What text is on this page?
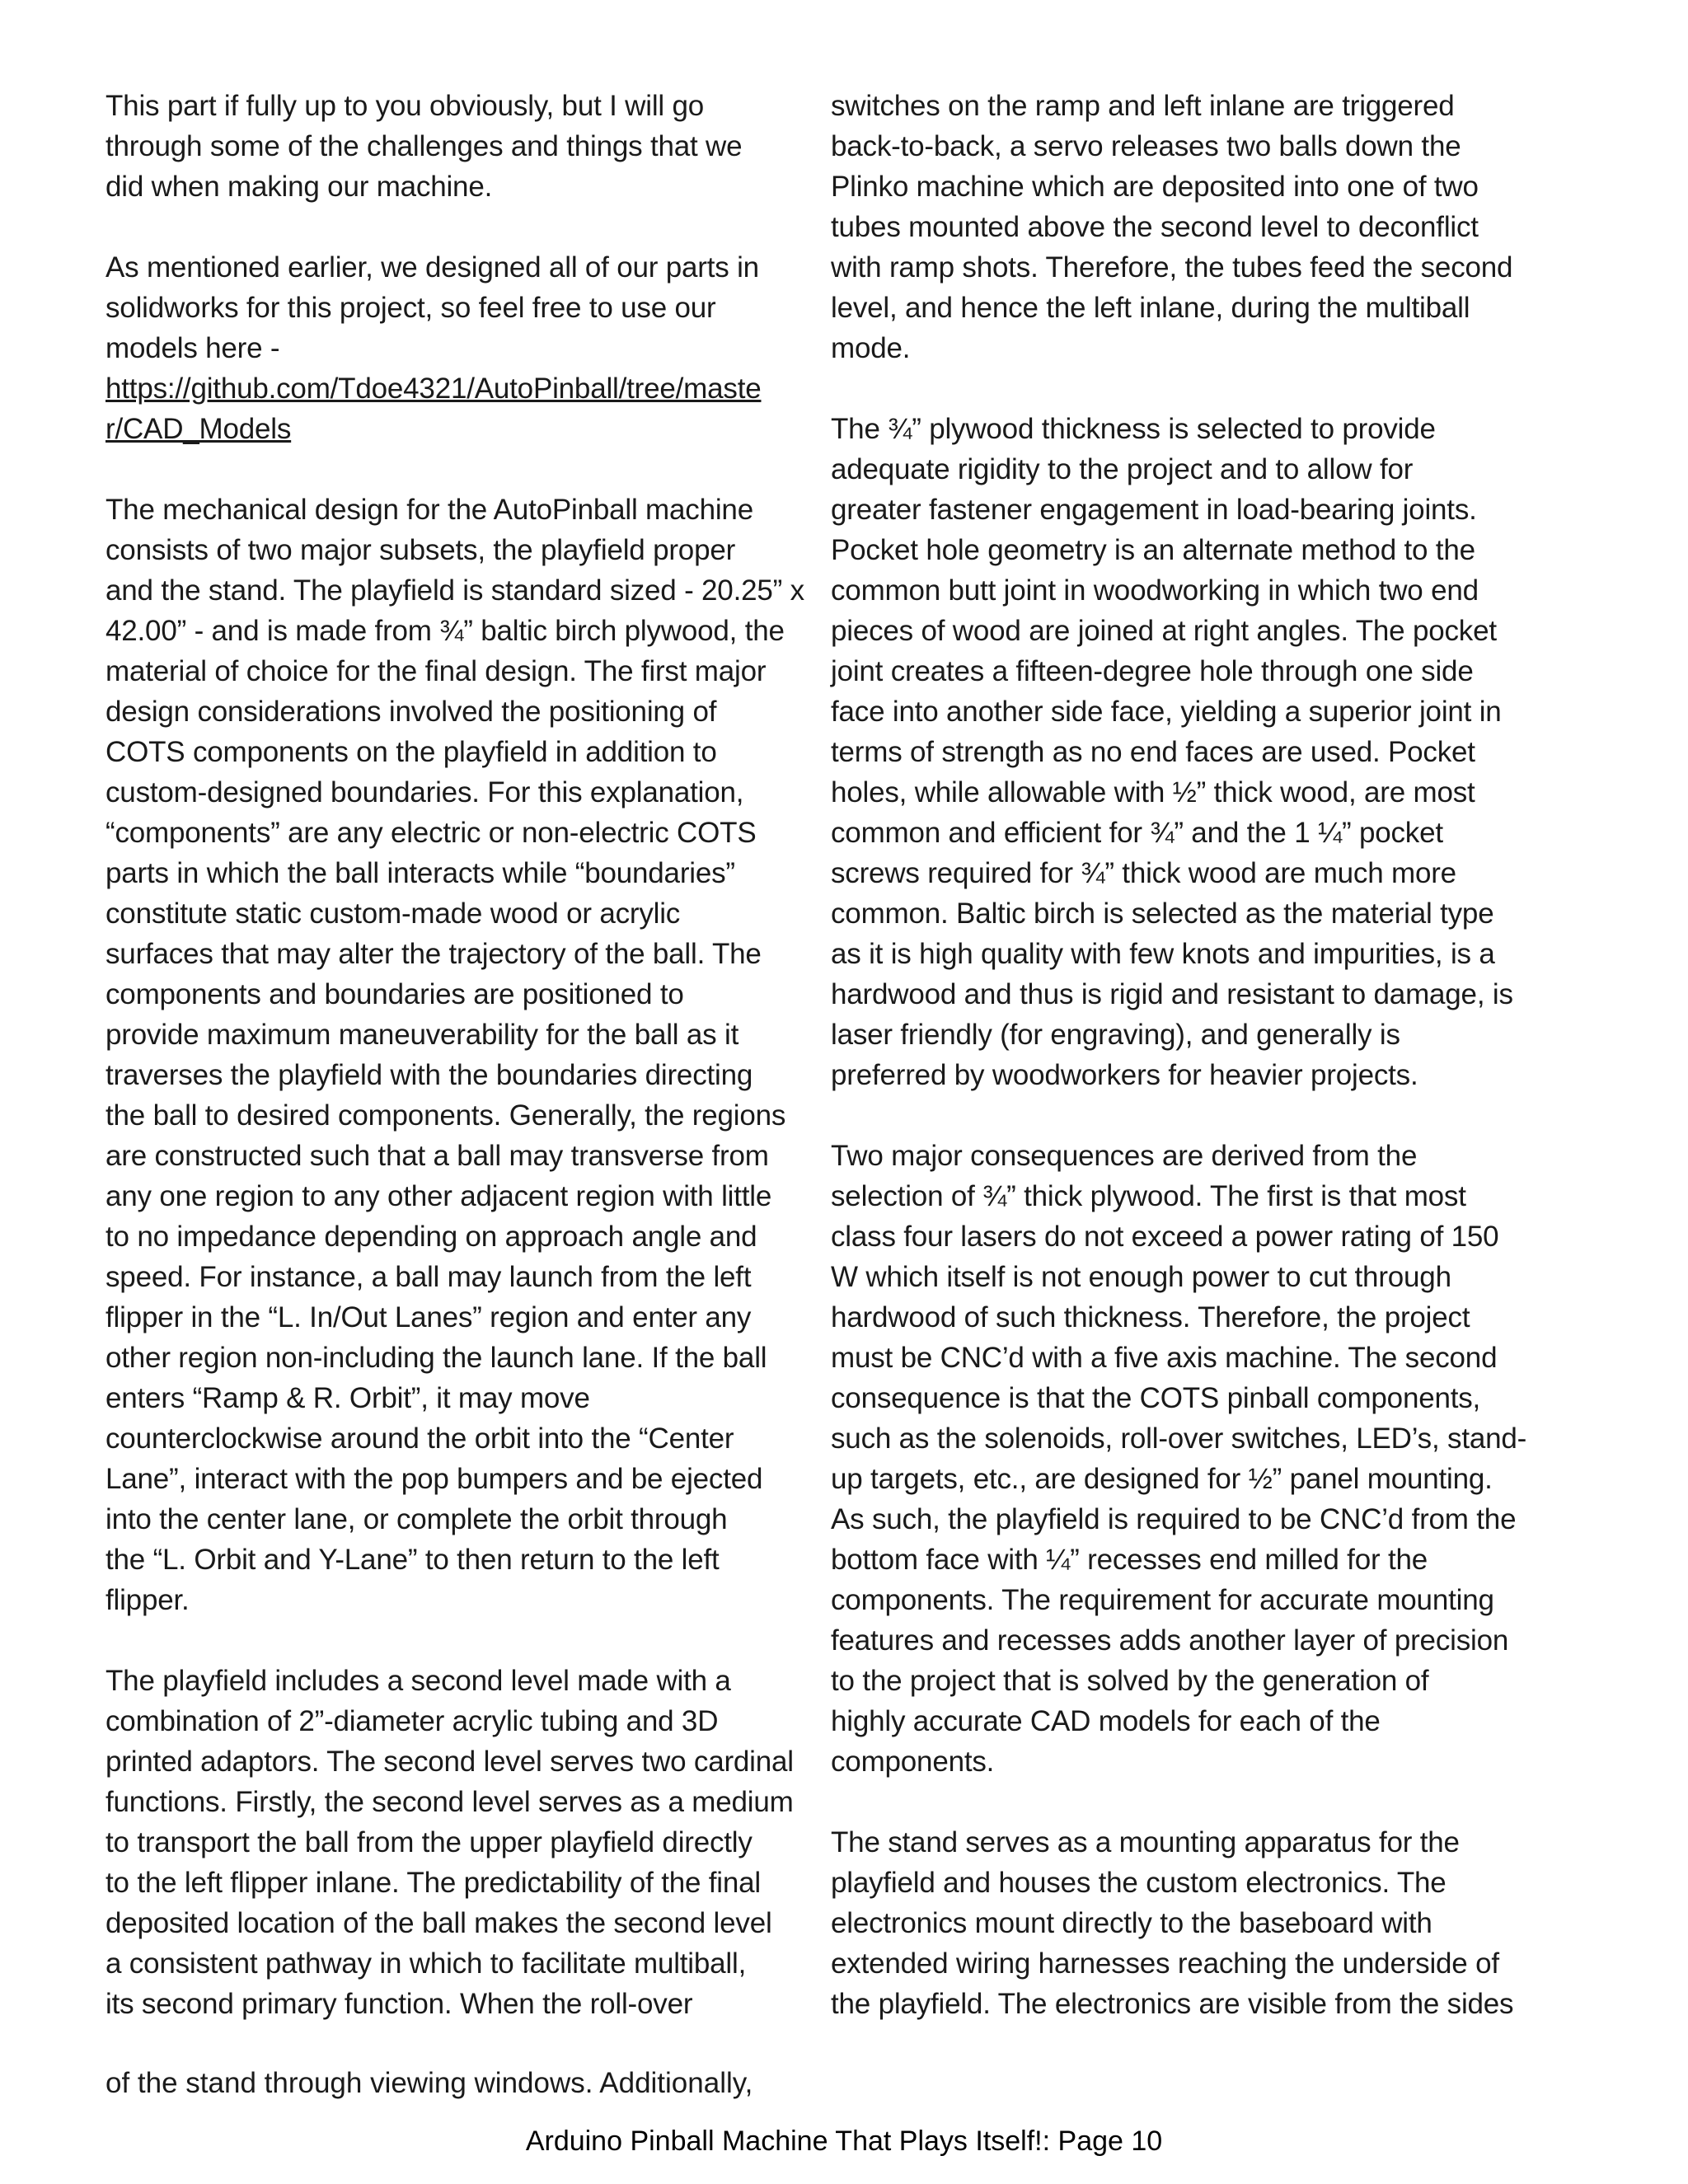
This part if fully up to you obviously, but I will go
through some of the challenges and things that we
did when making our machine.
As mentioned earlier, we designed all of our parts in
solidworks for this project, so feel free to use our
models here -
https://github.com/Tdoe4321/AutoPinball/tree/maste
r/CAD_Models
The mechanical design for the AutoPinball machine
consists of two major subsets, the playfield proper
and the stand. The playfield is standard sized - 20.25” x
42.00” - and is made from ¾” baltic birch plywood, the
material of choice for the final design. The first major
design considerations involved the positioning of
COTS components on the playfield in addition to
custom-designed boundaries. For this explanation,
“components” are any electric or non-electric COTS
parts in which the ball interacts while “boundaries”
constitute static custom-made wood or acrylic
surfaces that may alter the trajectory of the ball. The
components and boundaries are positioned to
provide maximum maneuverability for the ball as it
traverses the playfield with the boundaries directing
the ball to desired components. Generally, the regions
are constructed such that a ball may transverse from
any one region to any other adjacent region with little
to no impedance depending on approach angle and
speed. For instance, a ball may launch from the left
flipper in the “L. In/Out Lanes” region and enter any
other region non-including the launch lane. If the ball
enters “Ramp & R. Orbit”, it may move
counterclockwise around the orbit into the “Center
Lane”, interact with the pop bumpers and be ejected
into the center lane, or complete the orbit through
the “L. Orbit and Y-Lane” to then return to the left
flipper.
The playfield includes a second level made with a
combination of 2”-diameter acrylic tubing and 3D
printed adaptors. The second level serves two cardinal
functions. Firstly, the second level serves as a medium
to transport the ball from the upper playfield directly
to the left flipper inlane. The predictability of the final
deposited location of the ball makes the second level
a consistent pathway in which to facilitate multiball,
its second primary function. When the roll-over
switches on the ramp and left inlane are triggered
back-to-back, a servo releases two balls down the
Plinko machine which are deposited into one of two
tubes mounted above the second level to deconflict
with ramp shots. Therefore, the tubes feed the second
level, and hence the left inlane, during the multiball
mode.
The ¾” plywood thickness is selected to provide
adequate rigidity to the project and to allow for
greater fastener engagement in load-bearing joints.
Pocket hole geometry is an alternate method to the
common butt joint in woodworking in which two end
pieces of wood are joined at right angles. The pocket
joint creates a fifteen-degree hole through one side
face into another side face, yielding a superior joint in
terms of strength as no end faces are used. Pocket
holes, while allowable with ½” thick wood, are most
common and efficient for ¾” and the 1 ¼” pocket
screws required for ¾” thick wood are much more
common. Baltic birch is selected as the material type
as it is high quality with few knots and impurities, is a
hardwood and thus is rigid and resistant to damage, is
laser friendly (for engraving), and generally is
preferred by woodworkers for heavier projects.
Two major consequences are derived from the
selection of ¾” thick plywood. The first is that most
class four lasers do not exceed a power rating of 150
W which itself is not enough power to cut through
hardwood of such thickness. Therefore, the project
must be CNC’d with a five axis machine. The second
consequence is that the COTS pinball components,
such as the solenoids, roll-over switches, LED’s, stand-
up targets, etc., are designed for ½” panel mounting.
As such, the playfield is required to be CNC’d from the
bottom face with ¼” recesses end milled for the
components. The requirement for accurate mounting
features and recesses adds another layer of precision
to the project that is solved by the generation of
highly accurate CAD models for each of the
components.
The stand serves as a mounting apparatus for the
playfield and houses the custom electronics. The
electronics mount directly to the baseboard with
extended wiring harnesses reaching the underside of
the playfield. The electronics are visible from the sides
of the stand through viewing windows. Additionally,
Arduino Pinball Machine That Plays Itself!: Page 10
